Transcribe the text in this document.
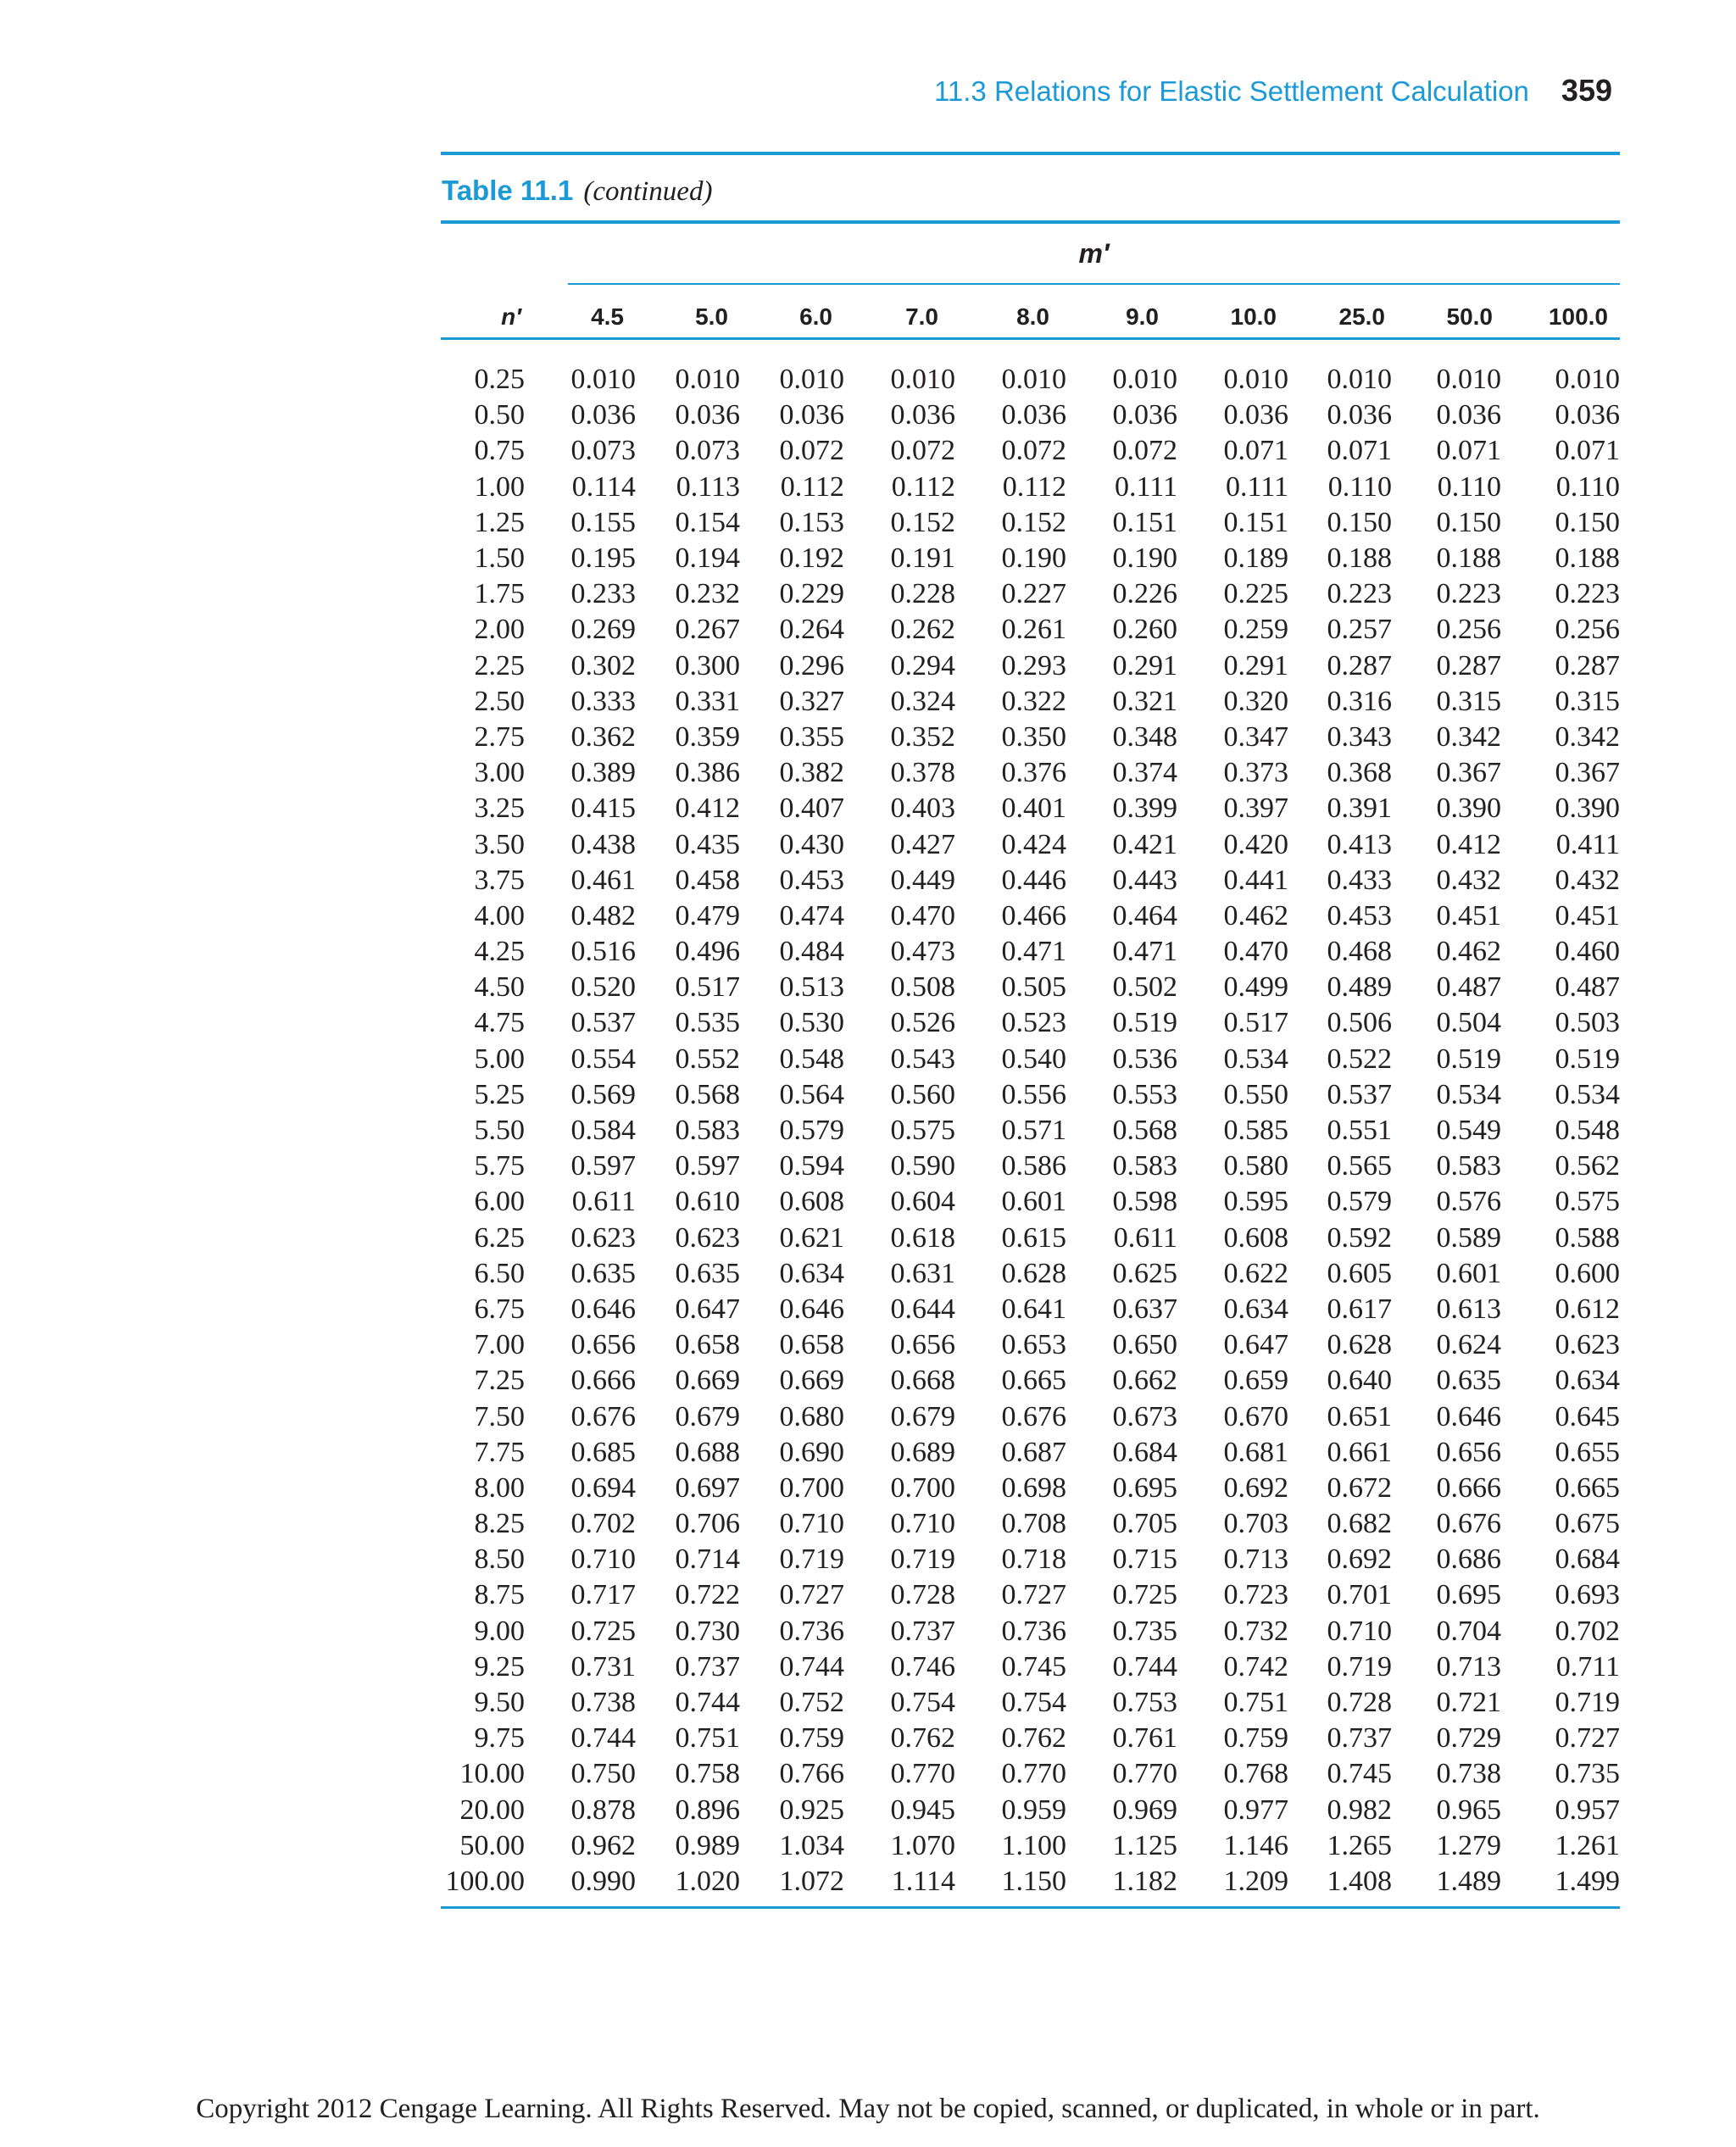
11.3 Relations for Elastic Settlement Calculation 359
Table 11.1 (continued)
m′
n′	4.5	5.0	6.0	7.0	8.0	9.0	10.0	25.0	50.0	100.0

0.25	0.010	0.010	0.010	0.010	0.010	0.010	0.010	0.010	0.010	0.010
0.50	0.036	0.036	0.036	0.036	0.036	0.036	0.036	0.036	0.036	0.036
0.75	0.073	0.073	0.072	0.072	0.072	0.072	0.071	0.071	0.071	0.071
1.00	0.114	0.113	0.112	0.112	0.112	0.111	0.111	0.110	0.110	0.110
1.25	0.155	0.154	0.153	0.152	0.152	0.151	0.151	0.150	0.150	0.150
1.50	0.195	0.194	0.192	0.191	0.190	0.190	0.189	0.188	0.188	0.188
1.75	0.233	0.232	0.229	0.228	0.227	0.226	0.225	0.223	0.223	0.223
2.00	0.269	0.267	0.264	0.262	0.261	0.260	0.259	0.257	0.256	0.256
2.25	0.302	0.300	0.296	0.294	0.293	0.291	0.291	0.287	0.287	0.287
2.50	0.333	0.331	0.327	0.324	0.322	0.321	0.320	0.316	0.315	0.315
2.75	0.362	0.359	0.355	0.352	0.350	0.348	0.347	0.343	0.342	0.342
3.00	0.389	0.386	0.382	0.378	0.376	0.374	0.373	0.368	0.367	0.367
3.25	0.415	0.412	0.407	0.403	0.401	0.399	0.397	0.391	0.390	0.390
3.50	0.438	0.435	0.430	0.427	0.424	0.421	0.420	0.413	0.412	0.411
3.75	0.461	0.458	0.453	0.449	0.446	0.443	0.441	0.433	0.432	0.432
4.00	0.482	0.479	0.474	0.470	0.466	0.464	0.462	0.453	0.451	0.451
4.25	0.516	0.496	0.484	0.473	0.471	0.471	0.470	0.468	0.462	0.460
4.50	0.520	0.517	0.513	0.508	0.505	0.502	0.499	0.489	0.487	0.487
4.75	0.537	0.535	0.530	0.526	0.523	0.519	0.517	0.506	0.504	0.503
5.00	0.554	0.552	0.548	0.543	0.540	0.536	0.534	0.522	0.519	0.519
5.25	0.569	0.568	0.564	0.560	0.556	0.553	0.550	0.537	0.534	0.534
5.50	0.584	0.583	0.579	0.575	0.571	0.568	0.585	0.551	0.549	0.548
5.75	0.597	0.597	0.594	0.590	0.586	0.583	0.580	0.565	0.583	0.562
6.00	0.611	0.610	0.608	0.604	0.601	0.598	0.595	0.579	0.576	0.575
6.25	0.623	0.623	0.621	0.618	0.615	0.611	0.608	0.592	0.589	0.588
6.50	0.635	0.635	0.634	0.631	0.628	0.625	0.622	0.605	0.601	0.600
6.75	0.646	0.647	0.646	0.644	0.641	0.637	0.634	0.617	0.613	0.612
7.00	0.656	0.658	0.658	0.656	0.653	0.650	0.647	0.628	0.624	0.623
7.25	0.666	0.669	0.669	0.668	0.665	0.662	0.659	0.640	0.635	0.634
7.50	0.676	0.679	0.680	0.679	0.676	0.673	0.670	0.651	0.646	0.645
7.75	0.685	0.688	0.690	0.689	0.687	0.684	0.681	0.661	0.656	0.655
8.00	0.694	0.697	0.700	0.700	0.698	0.695	0.692	0.672	0.666	0.665
8.25	0.702	0.706	0.710	0.710	0.708	0.705	0.703	0.682	0.676	0.675
8.50	0.710	0.714	0.719	0.719	0.718	0.715	0.713	0.692	0.686	0.684
8.75	0.717	0.722	0.727	0.728	0.727	0.725	0.723	0.701	0.695	0.693
9.00	0.725	0.730	0.736	0.737	0.736	0.735	0.732	0.710	0.704	0.702
9.25	0.731	0.737	0.744	0.746	0.745	0.744	0.742	0.719	0.713	0.711
9.50	0.738	0.744	0.752	0.754	0.754	0.753	0.751	0.728	0.721	0.719
9.75	0.744	0.751	0.759	0.762	0.762	0.761	0.759	0.737	0.729	0.727
10.00	0.750	0.758	0.766	0.770	0.770	0.770	0.768	0.745	0.738	0.735
20.00	0.878	0.896	0.925	0.945	0.959	0.969	0.977	0.982	0.965	0.957
50.00	0.962	0.989	1.034	1.070	1.100	1.125	1.146	1.265	1.279	1.261
100.00	0.990	1.020	1.072	1.114	1.150	1.182	1.209	1.408	1.489	1.499
Copyright 2012 Cengage Learning. All Rights Reserved. May not be copied, scanned, or duplicated, in whole or in part.
